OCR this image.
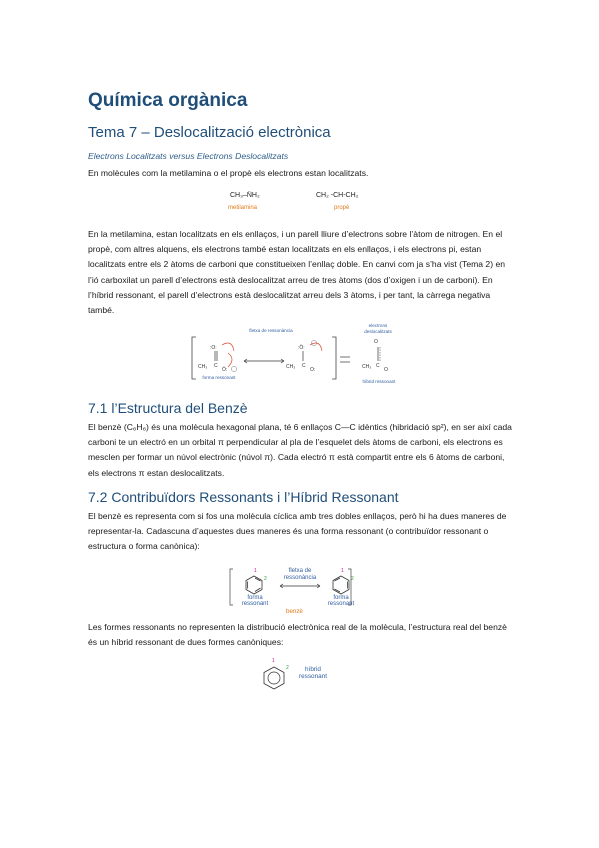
Química orgànica
Tema 7 – Deslocalització electrònica
Electrons Localitzats versus Electrons Deslocalitzats
En molècules com la metilamina o el propè els electrons estan localitzats.
CH₃–N̈H₂
metilamina
CH₂ -CH-CH₂
propè
En la metilamina, estan localitzats en els enllaços, i un parell lliure d’electrons sobre l’àtom de nitrogen. En el propè, com altres alquens, els electrons també estan localitzats en els enllaços, i els electrons pi, estan localitzats entre els 2 àtoms de carboni que constitueixen l’enllaç doble. En canvi com ja s’ha vist (Tema 2) en l’ió carboxilat un parell d’electrons està deslocalitzat arreu de tres àtoms (dos d’oxigen i un de carboni). En l’híbrid ressonant, el parell d’electrons està deslocalitzat arreu dels 3 àtoms, i per tant, la càrrega negativa també.
:O:
CH₃ C
Ö:
:Ö:
CH₃ C
O:	CH₃ C
O
O
fletxa de ressonància
forma ressonant
electrons deslocalitzats
híbrid ressonant
7.1 l’Estructura del Benzè
El benzè (C₆H₆) és una molècula hexagonal plana, té 6 enllaços C—C idèntics (hibridació sp²), en ser així cada carboni te un electró en un orbital π perpendicular al pla de l’esquelet dels àtoms de carboni, els electrons es mesclen per formar un núvol electrònic (núvol π). Cada electró π està compartit entre els 6 àtoms de carboni, els electrons π estan deslocalitzats.
7.2 Contribuïdors Ressonants i l’Híbrid Ressonant
El benzè es representa com si fos una molècula cíclica amb tres dobles enllaços, però hi ha dues maneres de representar-la. Cadascuna d’aquestes dues maneres és una forma ressonant (o contribuïdor ressonant o estructura o forma canònica):
1
2
1
2
fletxa de
ressonància
forma
ressonant
forma
ressonant
benzè
Les formes ressonants no representen la distribució electrònica real de la molècula, l’estructura real del benzè és un híbrid ressonant de dues formes canòniques:
1
2	híbrid
ressonant
